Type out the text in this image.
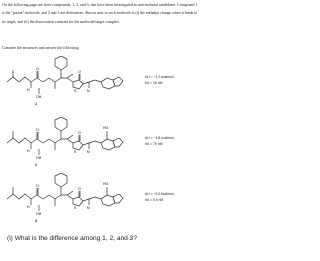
On the following page are three compounds, 1, 2, and 3, that have been investigated as anti-malarial candidates. Compound 1 is the "parent" molecule, and 2 and 3 are derivatives. Shown next to each molecule is (i) the enthalpy change when it binds to its target, and (ii) the dissociation constant for the molecule/target complex.

Consider the structures and answer the following:

H
O
O
S	N
OH
ΔH = −1.2 kcal/mol,
Kd = 16 nM
1
HO
H
O
O
S	N
OH
ΔH = −4.8 kcal/mol,
Kd = 76 nM
2
HO
H
O
O
S	N
OH
ΔH = −5.5 kcal/mol,
Kd = 0.5 nM
3

(i) What is the difference among 1, 2, and 3?
